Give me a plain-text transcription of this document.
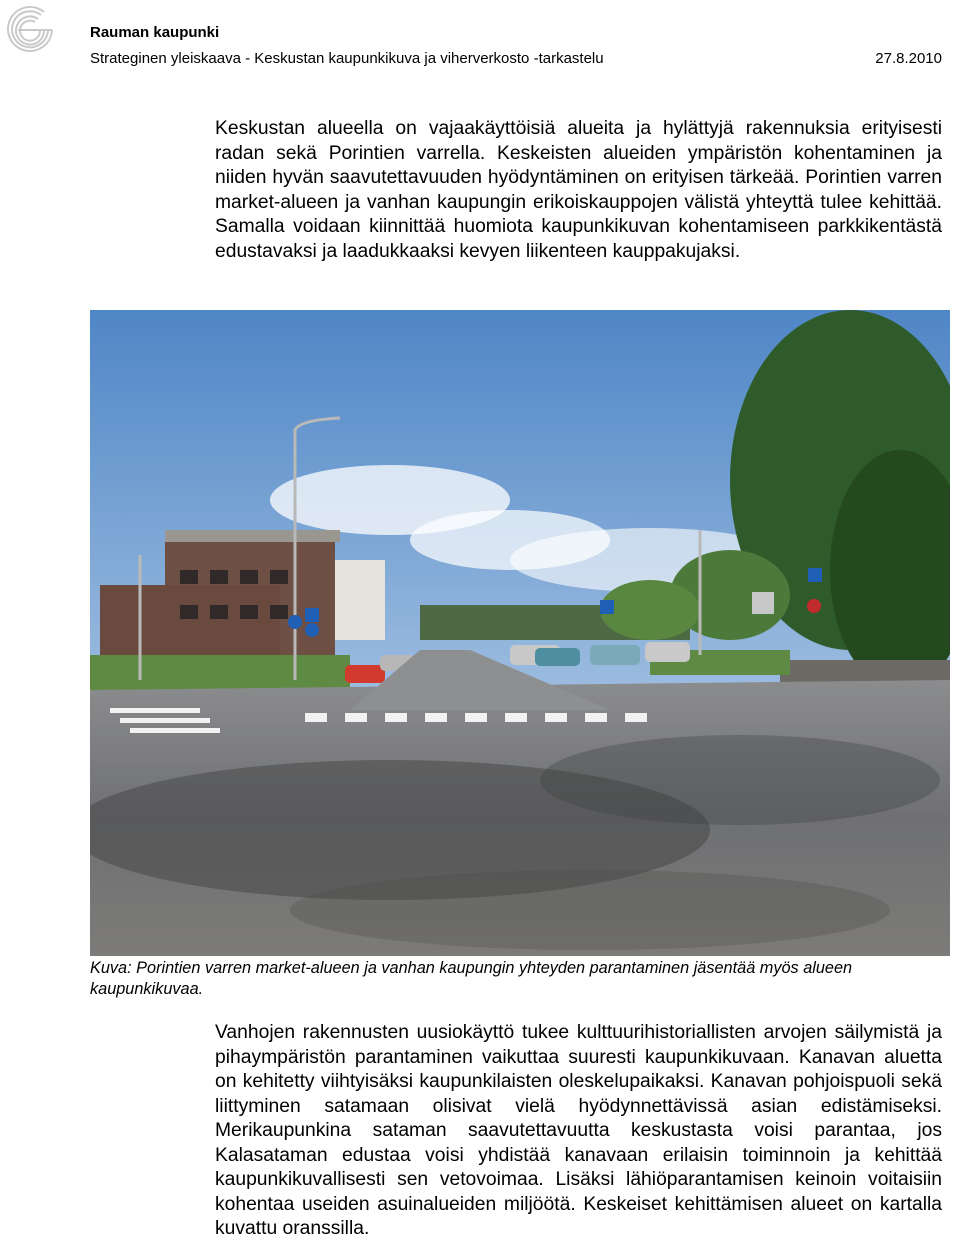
Rauman kaupunki
Strateginen yleiskaava - Keskustan kaupunkikuva ja viherverkosto -tarkastelu	27.8.2010

Keskustan alueella on vajaakäyttöisiä alueita ja hylättyjä rakennuksia erityisesti radan sekä Porintien varrella. Keskeisten alueiden ympäristön kohentaminen ja niiden hyvän saavutettavuuden hyödyntäminen on erityisen tärkeää. Porintien varren market-alueen ja vanhan kaupungin erikoiskauppojen välistä yhteyttä tulee kehittää. Samalla voidaan kiinnittää huomiota kaupunkikuvan kohentamiseen parkkikentästä edustavaksi ja laadukkaaksi kevyen liikenteen kauppakujaksi.

Kuva: Porintien varren market-alueen ja vanhan kaupungin yhteyden parantaminen jäsentää myös alueen kaupunkikuvaa.

Vanhojen rakennusten uusiokäyttö tukee kulttuurihistoriallisten arvojen säilymistä ja pihaympäristön parantaminen vaikuttaa suuresti kaupunkikuvaan. Kanavan aluetta on kehitetty viihtyisäksi kaupunkilaisten oleskelupaikaksi. Kanavan pohjoispuoli sekä liittyminen satamaan olisivat vielä hyödynnettävissä asian edistämiseksi. Merikaupunkina sataman saavutettavuutta keskustasta voisi parantaa, jos Kalasataman edustaa voisi yhdistää kanavaan erilaisin toiminnoin ja kehittää kaupunkikuvallisesti sen vetovoimaa. Lisäksi lähiöparantamisen keinoin voitaisiin kohentaa useiden asuinalueiden miljöötä. Keskeiset kehittämisen alueet on kartalla kuvattu oranssilla.
